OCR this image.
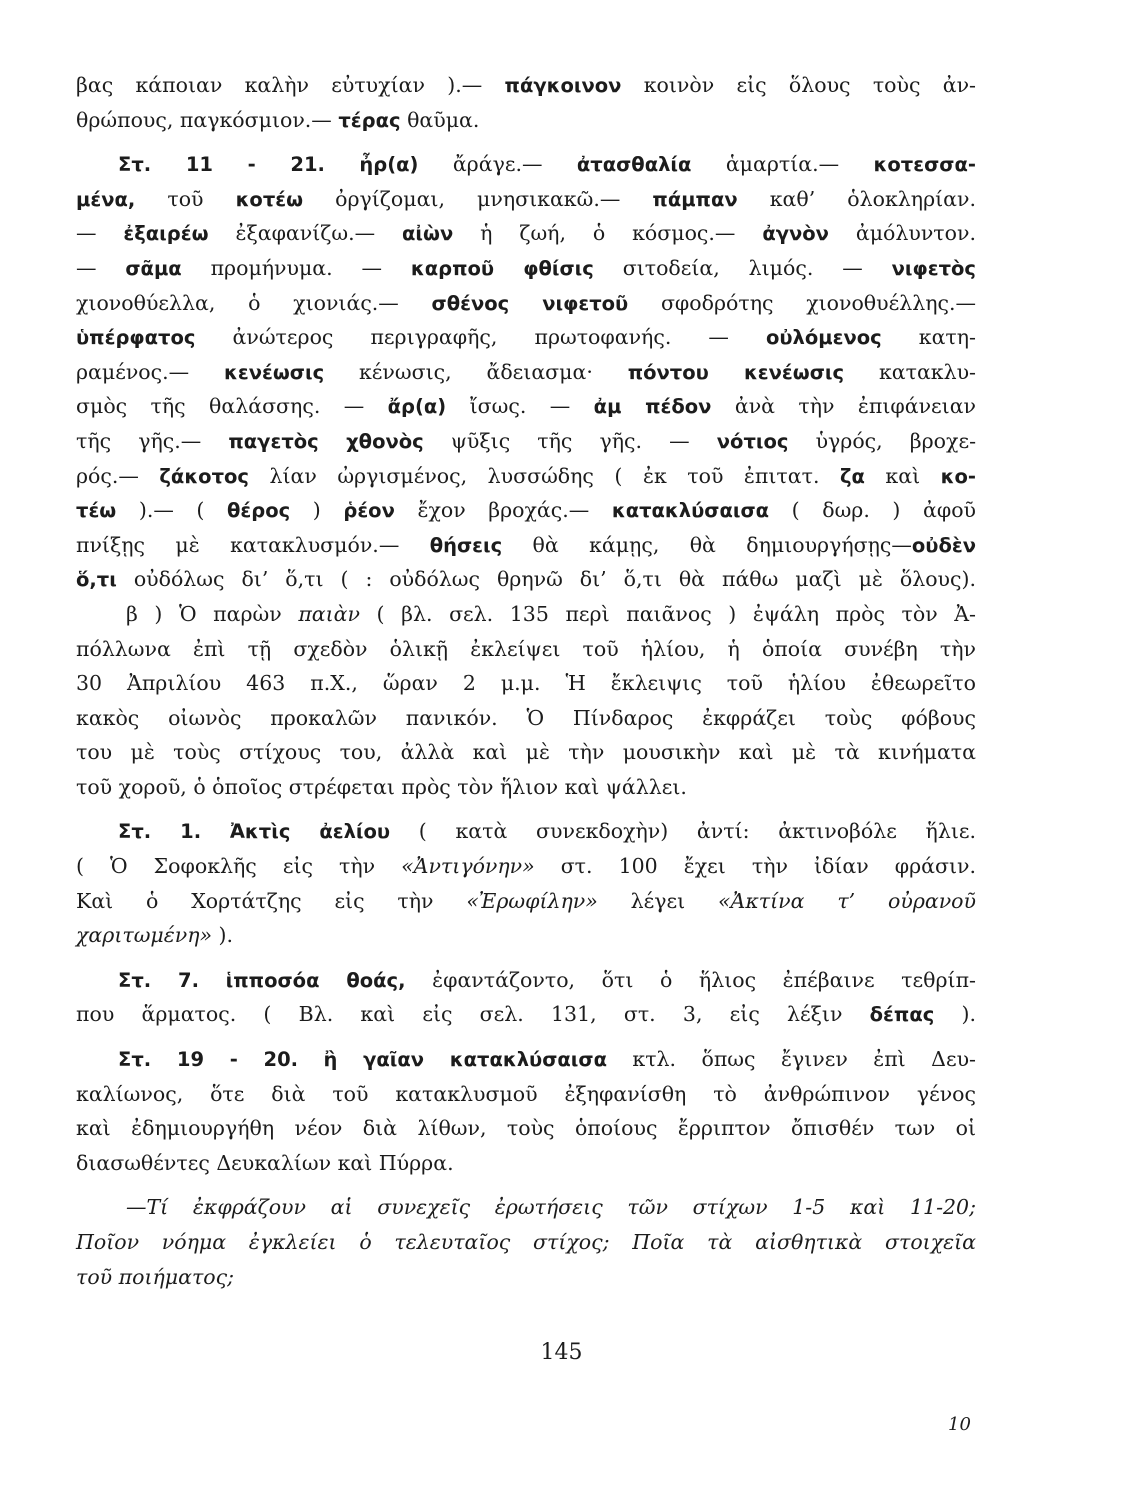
βας κάποιαν καλὴν εὐτυχίαν ).— πάγκοινον κοινὸν εἰς ὅλους τοὺς ἀν-
θρώπους, παγκόσμιον.— τέρας θαῦμα.
Στ. 11 - 21. ἦρ(α) ἄράγε.— ἀτασθαλία ἁμαρτία.— κοτεσσα-
μένα, τοῦ κοτέω ὀργίζομαι, μνησικακῶ.— πάμπαν καθ’ ὁλοκληρίαν.
— ἐξαιρέω ἐξαφανίζω.— αἰὼν ἡ ζωή, ὁ κόσμος.— ἀγνὸν ἀμόλυντον.
— σᾶμα προμήνυμα. — καρποῦ φθίσις σιτοδεία, λιμός. — νιφετὸς
χιονοθύελλα, ὁ χιονιάς.— σθένος νιφετοῦ σφοδρότης χιονοθυέλλης.—
ὑπέρφατος ἀνώτερος περιγραφῆς, πρωτοφανής. — οὐλόμενος κατη-
ραμένος.— κενέωσις κένωσις, ἄδειασμα· πόντου κενέωσις κατακλυ-
σμὸς τῆς θαλάσσης. — ἄρ(α) ἴσως. — ἀμ πέδον ἀνὰ τὴν ἐπιφάνειαν
τῆς γῆς.— παγετὸς χθονὸς ψῦξις τῆς γῆς. — νότιος ὑγρός, βροχε-
ρός.— ζάκοτος λίαν ὠργισμένος, λυσσώδης ( ἐκ τοῦ ἐπιτατ. ζα καὶ κο-
τέω ).— ( θέρος ) ῥέον ἔχον βροχάς.— κατακλύσαισα ( δωρ. ) ἀφοῦ
πνίξῃς μὲ κατακλυσμόν.— θήσεις θὰ κάμῃς, θὰ δημιουργήσῃς—οὐδὲν
ὅ,τι οὐδόλως δι’ ὅ,τι ( : οὐδόλως θρηνῶ δι’ ὅ,τι θὰ πάθω μαζὶ μὲ ὅλους).
β ) Ὁ παρὼν παιὰν ( βλ. σελ. 135 περὶ παιᾶνος ) ἐψάλη πρὸς τὸν Ἀ-
πόλλωνα ἐπὶ τῇ σχεδὸν ὁλικῇ ἐκλείψει τοῦ ἡλίου, ἡ ὁποία συνέβη τὴν
30 Ἀπριλίου 463 π.Χ., ὥραν 2 μ.μ. Ἡ ἔκλειψις τοῦ ἡλίου ἐθεωρεῖτο
κακὸς οἰωνὸς προκαλῶν πανικόν. Ὁ Πίνδαρος ἐκφράζει τοὺς φόβους
του μὲ τοὺς στίχους του, ἀλλὰ καὶ μὲ τὴν μουσικὴν καὶ μὲ τὰ κινήματα
τοῦ χοροῦ, ὁ ὁποῖος στρέφεται πρὸς τὸν ἥλιον καὶ ψάλλει.
Στ. 1. Ἀκτὶς ἀελίου ( κατὰ συνεκδοχὴν) ἀντί: ἀκτινοβόλε ἥλιε.
( Ὁ Σοφοκλῆς εἰς τὴν «Ἀντιγόνην» στ. 100 ἔχει τὴν ἰδίαν φράσιν.
Καὶ ὁ Χορτάτζης εἰς τὴν «Ἐρωφίλην» λέγει «Ἀκτίνα τ’ οὐρανοῦ
χαριτωμένη» ).
Στ. 7. ἱπποσόα θοάς, ἐφαντάζοντο, ὅτι ὁ ἥλιος ἐπέβαινε τεθρίπ-
που ἅρματος. ( Βλ. καὶ εἰς σελ. 131, στ. 3, εἰς λέξιν δέπας ).
Στ. 19 - 20. ἢ γαῖαν κατακλύσαισα κτλ. ὅπως ἔγινεν ἐπὶ Δευ-
καλίωνος, ὅτε διὰ τοῦ κατακλυσμοῦ ἐξηφανίσθη τὸ ἀνθρώπινον γένος
καὶ ἐδημιουργήθη νέον διὰ λίθων, τοὺς ὁποίους ἔρριπτον ὄπισθέν των οἱ
διασωθέντες Δευκαλίων καὶ Πύρρα.
—Τί ἐκφράζουν αἱ συνεχεῖς ἐρωτήσεις τῶν στίχων 1-5 καὶ 11-20;
Ποῖον νόημα ἐγκλείει ὁ τελευταῖος στίχος; Ποῖα τὰ αἰσθητικὰ στοιχεῖα
τοῦ ποιήματος;
145
10
